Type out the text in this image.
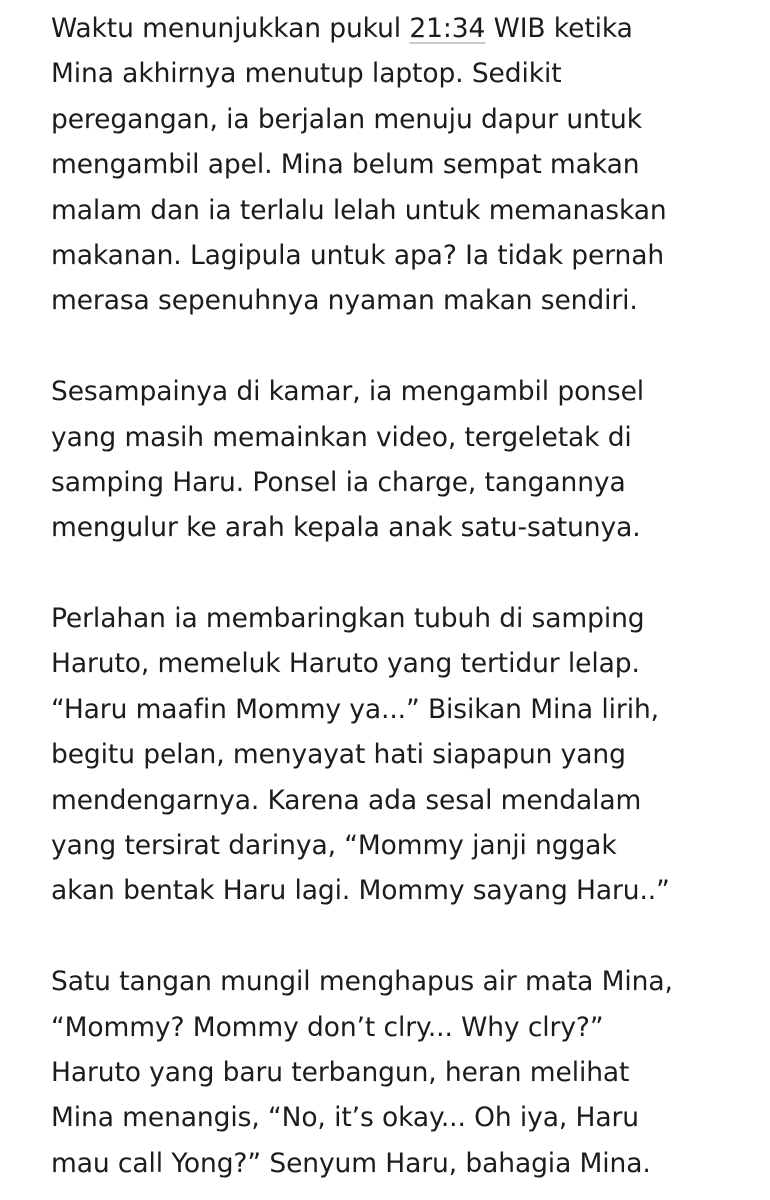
Waktu menunjukkan pukul 21:34 WIB ketika
Mina akhirnya menutup laptop. Sedikit
peregangan, ia berjalan menuju dapur untuk
mengambil apel. Mina belum sempat makan
malam dan ia terlalu lelah untuk memanaskan
makanan. Lagipula untuk apa? Ia tidak pernah
merasa sepenuhnya nyaman makan sendiri.

Sesampainya di kamar, ia mengambil ponsel
yang masih memainkan video, tergeletak di
samping Haru. Ponsel ia charge, tangannya
mengulur ke arah kepala anak satu-satunya.

Perlahan ia membaringkan tubuh di samping
Haruto, memeluk Haruto yang tertidur lelap.
“Haru maafin Mommy ya...” Bisikan Mina lirih,
begitu pelan, menyayat hati siapapun yang
mendengarnya. Karena ada sesal mendalam
yang tersirat darinya, “Mommy janji nggak
akan bentak Haru lagi. Mommy sayang Haru..”

Satu tangan mungil menghapus air mata Mina,
“Mommy? Mommy don’t clry... Why clry?”
Haruto yang baru terbangun, heran melihat
Mina menangis, “No, it’s okay... Oh iya, Haru
mau call Yong?” Senyum Haru, bahagia Mina.
